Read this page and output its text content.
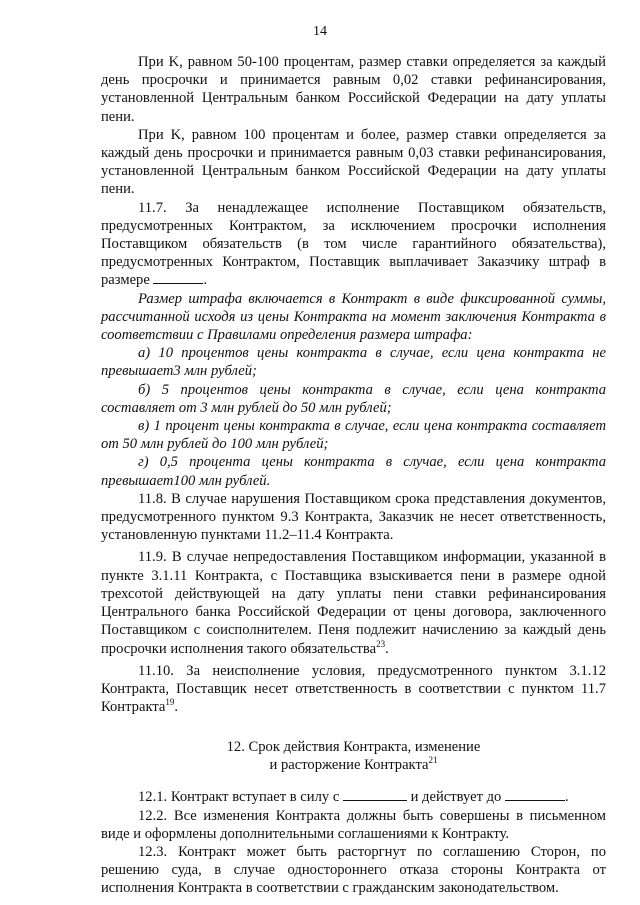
14

При K, равном 50-100 процентам, размер ставки определяется за каждый день просрочки и принимается равным 0,02 ставки рефинансирования, установленной Центральным банком Российской Федерации на дату уплаты пени.

При K, равном 100 процентам и более, размер ставки определяется за каждый день просрочки и принимается равным 0,03 ставки рефинансирования, установленной Центральным банком Российской Федерации на дату уплаты пени.

11.7. За ненадлежащее исполнение Поставщиком обязательств, предусмотренных Контрактом, за исключением просрочки исполнения Поставщиком обязательств (в том числе гарантийного обязательства), предусмотренных Контрактом, Поставщик выплачивает Заказчику штраф в размере	.

Размер штрафа включается в Контракт в виде фиксированной суммы, рассчитанной исходя из цены Контракта на момент заключения Контракта в соответствии с Правилами определения размера штрафа:

а) 10 процентов цены контракта в случае, если цена контракта не превышает3 млн рублей;

б) 5 процентов цены контракта в случае, если цена контракта составляет от 3 млн рублей до 50 млн рублей;

в) 1 процент цены контракта в случае, если цена контракта составляет от 50 млн рублей до 100 млн рублей;

г) 0,5 процента цены контракта в случае, если цена контракта превышает100 млн рублей.

11.8. В случае нарушения Поставщиком срока представления документов, предусмотренного пунктом 9.3 Контракта, Заказчик не несет ответственность, установленную пунктами 11.2–11.4 Контракта.

11.9. В случае непредоставления Поставщиком информации, указанной в пункте 3.1.11 Контракта, с Поставщика взыскивается пени в размере одной трехсотой действующей на дату уплаты пени ставки рефинансирования Центрального банка Российской Федерации от цены договора, заключенного Поставщиком с соисполнителем. Пеня подлежит начислению за каждый день просрочки исполнения такого обязательства$^{23}$.

11.10. За неисполнение условия, предусмотренного пунктом 3.1.12 Контракта, Поставщик несет ответственность в соответствии с пунктом 11.7 Контракта$^{19}$.

12. Срок действия Контракта, изменение
и расторжение Контракта$^{21}$

12.1. Контракт вступает в силу с	и действует до	.

12.2. Все изменения Контракта должны быть совершены в письменном виде и оформлены дополнительными соглашениями к Контракту.

12.3. Контракт может быть расторгнут по соглашению Сторон, по решению суда, в случае одностороннего отказа стороны Контракта от исполнения Контракта в соответствии с гражданским законодательством.
